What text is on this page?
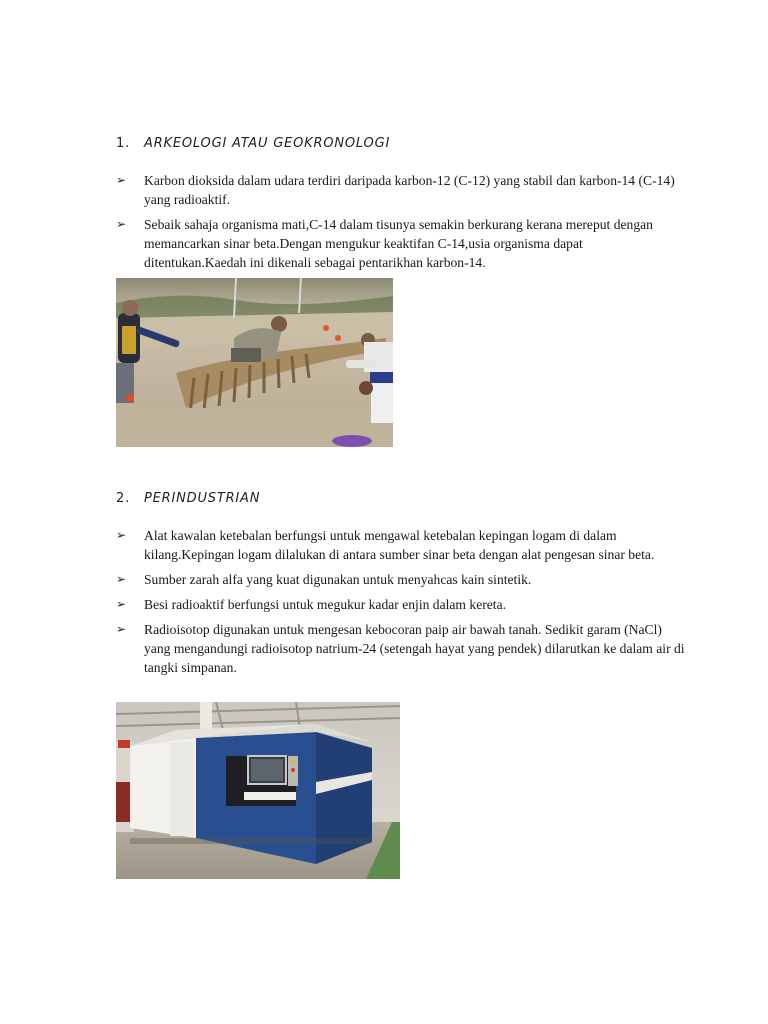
1. ARKEOLOGI ATAU GEOKRONOLOGI
➢ Karbon dioksida dalam udara terdiri daripada karbon-12 (C-12) yang stabil dan karbon-14 (C-14) yang radioaktif.
➢ Sebaik sahaja organisma mati,C-14 dalam tisunya semakin berkurang kerana mereput dengan memancarkan sinar beta.Dengan mengukur keaktifan C-14,usia organisma dapat ditentukan.Kaedah ini dikenali sebagai pentarikhan karbon-14.
2. PERINDUSTRIAN
➢ Alat kawalan ketebalan berfungsi untuk mengawal ketebalan kepingan logam di dalam kilang.Kepingan logam dilalukan di antara sumber sinar beta dengan alat pengesan sinar beta.
➢ Sumber zarah alfa yang kuat digunakan untuk menyahcas kain sintetik.
➢ Besi radioaktif berfungsi untuk megukur kadar enjin dalam kereta.
➢ Radioisotop digunakan untuk mengesan kebocoran paip air bawah tanah. Sedikit garam (NaCl) yang mengandungi radioisotop natrium-24 (setengah hayat yang pendek) dilarutkan ke dalam air di tangki simpanan.
